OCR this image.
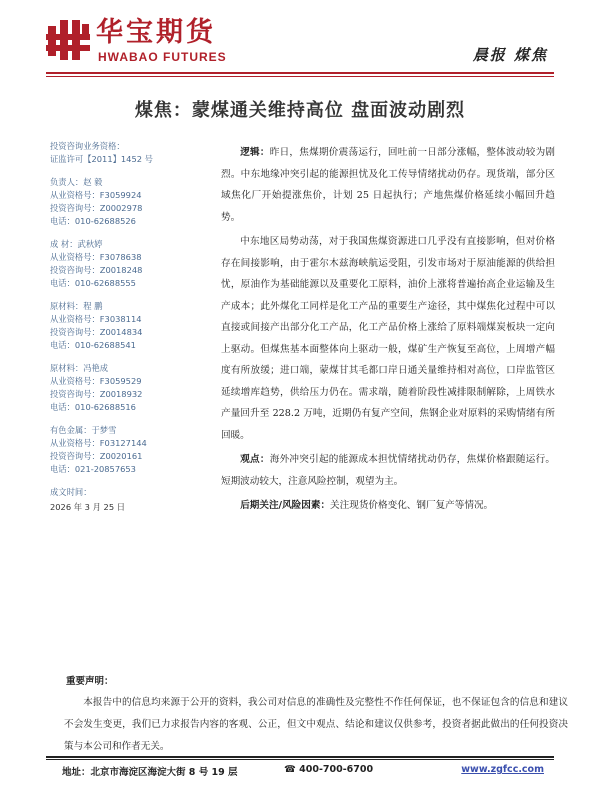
华宝期货
HWABAO FUTURES	晨报 煤焦
煤焦：蒙煤通关维持高位 盘面波动剧烈
投资咨询业务资格：
证监许可【2011】1452 号
负责人：赵 毅
从业资格号：F3059924
投资咨询号：Z0002978
电话：010-62688526
成 材：武秋婷
从业资格号：F3078638
投资咨询号：Z0018248
电话：010-62688555
原材料：程 鹏
从业资格号：F3038114
投资咨询号：Z0014834
电话：010-62688541
原材料：冯艳成
从业资格号：F3059529
投资咨询号：Z0018932
电话：010-62688516
有色金属：于梦雪
从业资格号：F03127144
投资咨询号：Z0020161
电话：021-20857653
成文时间：
2026 年 3 月 25 日

逻辑：昨日，焦煤期价震荡运行，回吐前一日部分涨幅，整体波动较为剧烈。中东地缘冲突引起的能源担忧及化工传导情绪扰动仍存。现货端，部分区域焦化厂开始提涨焦价，计划 25 日起执行；产地焦煤价格延续小幅回升趋势。

中东地区局势动荡，对于我国焦煤资源进口几乎没有直接影响，但对价格存在间接影响，由于霍尔木兹海峡航运受阻，引发市场对于原油能源的供给担忧，原油作为基础能源以及重要化工原料，油价上涨将普遍抬高企业运输及生产成本；此外煤化工同样是化工产品的重要生产途径，其中煤焦化过程中可以直接或间接产出部分化工产品，化工产品价格上涨给了原料端煤炭板块一定向上驱动。但煤焦基本面整体向上驱动一般，煤矿生产恢复至高位，上周增产幅度有所放缓；进口端，蒙煤甘其毛都口岸日通关量维持相对高位，口岸监管区延续增库趋势，供给压力仍在。需求端，随着阶段性减排限制解除，上周铁水产量回升至 228.2 万吨，近期仍有复产空间，焦钢企业对原料的采购情绪有所回暖。

观点：海外冲突引起的能源成本担忧情绪扰动仍存，焦煤价格跟随运行。短期波动较大，注意风险控制，观望为主。

后期关注/风险因素：关注现货价格变化、钢厂复产等情况。

重要声明：
本报告中的信息均来源于公开的资料，我公司对信息的准确性及完整性不作任何保证，也不保证包含的信息和建议不会发生变更，我们已力求报告内容的客观、公正，但文中观点、结论和建议仅供参考，投资者据此做出的任何投资决策与本公司和作者无关。
地址：北京市海淀区海淀大街 8 号 19 层	☎ 400-700-6700	www.zgfcc.com
